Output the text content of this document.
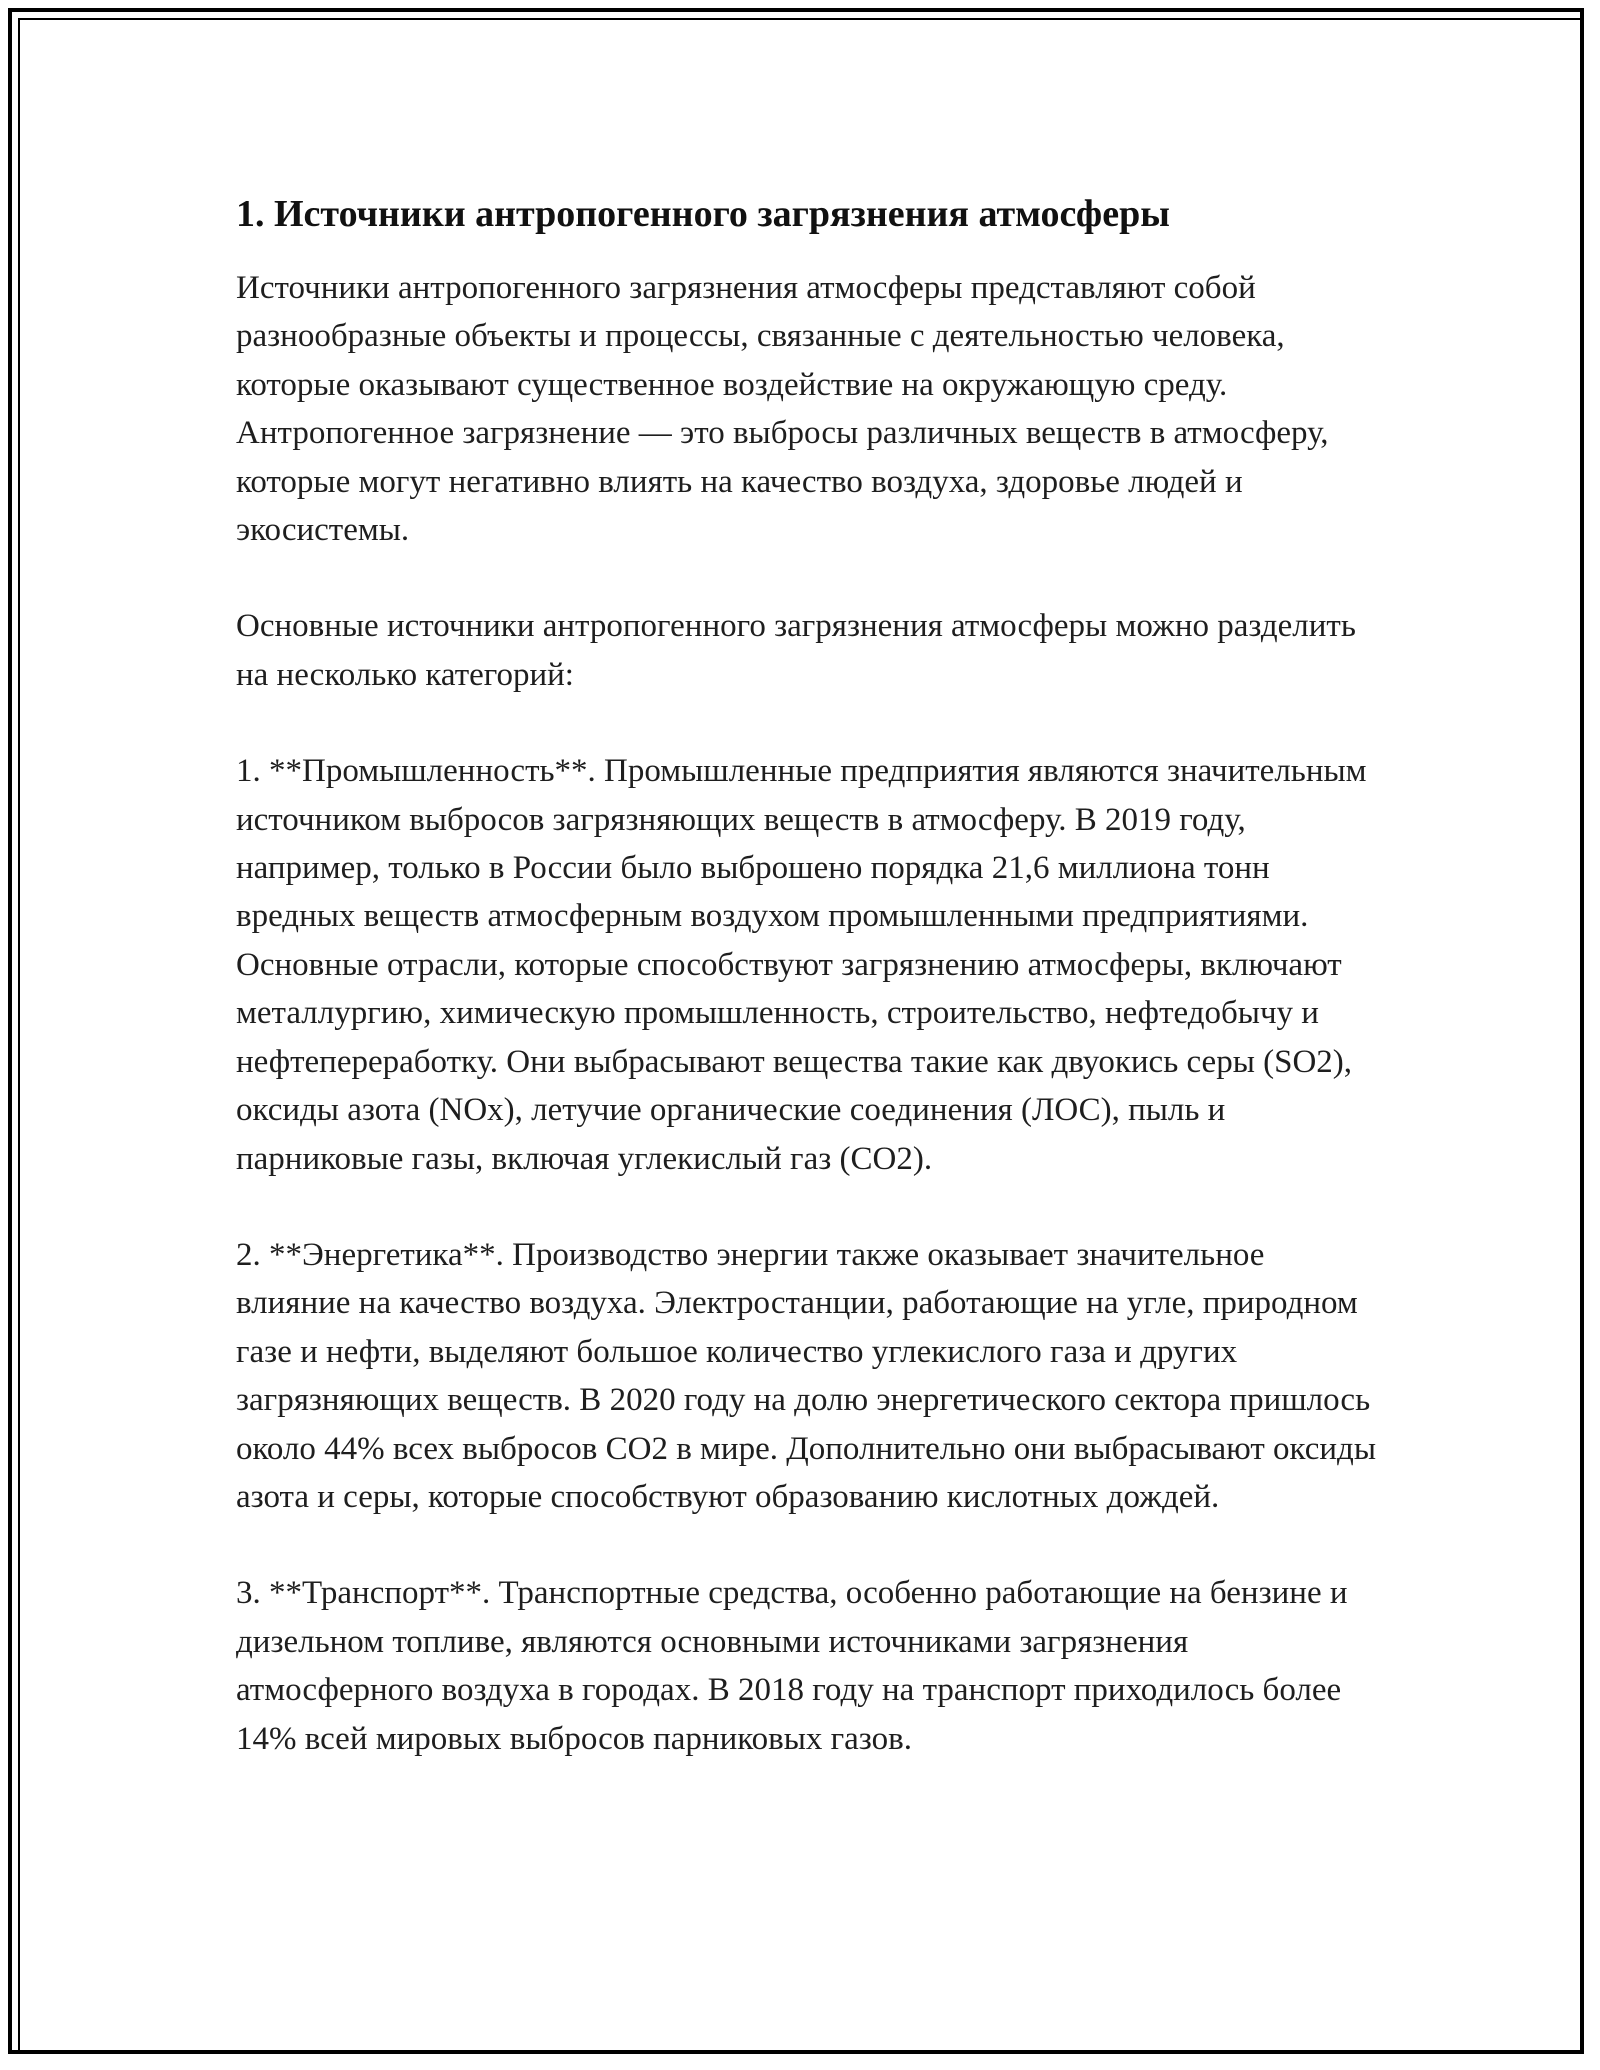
1. Источники антропогенного загрязнения атмосферы

Источники антропогенного загрязнения атмосферы представляют собой разнообразные объекты и процессы, связанные с деятельностью человека, которые оказывают существенное воздействие на окружающую среду. Антропогенное загрязнение — это выбросы различных веществ в атмосферу, которые могут негативно влиять на качество воздуха, здоровье людей и экосистемы.

Основные источники антропогенного загрязнения атмосферы можно разделить на несколько категорий:

1. **Промышленность**. Промышленные предприятия являются значительным источником выбросов загрязняющих веществ в атмосферу. В 2019 году, например, только в России было выброшено порядка 21,6 миллиона тонн вредных веществ атмосферным воздухом промышленными предприятиями. Основные отрасли, которые способствуют загрязнению атмосферы, включают металлургию, химическую промышленность, строительство, нефтедобычу и нефтепереработку. Они выбрасывают вещества такие как двуокись серы (SO2), оксиды азота (NOx), летучие органические соединения (ЛОС), пыль и парниковые газы, включая углекислый газ (CO2).

2. **Энергетика**. Производство энергии также оказывает значительное влияние на качество воздуха. Электростанции, работающие на угле, природном газе и нефти, выделяют большое количество углекислого газа и других загрязняющих веществ. В 2020 году на долю энергетического сектора пришлось около 44% всех выбросов CO2 в мире. Дополнительно они выбрасывают оксиды азота и серы, которые способствуют образованию кислотных дождей.

3. **Транспорт**. Транспортные средства, особенно работающие на бензине и дизельном топливе, являются основными источниками загрязнения атмосферного воздуха в городах. В 2018 году на транспорт приходилось более 14% всей мировых выбросов парниковых газов.
